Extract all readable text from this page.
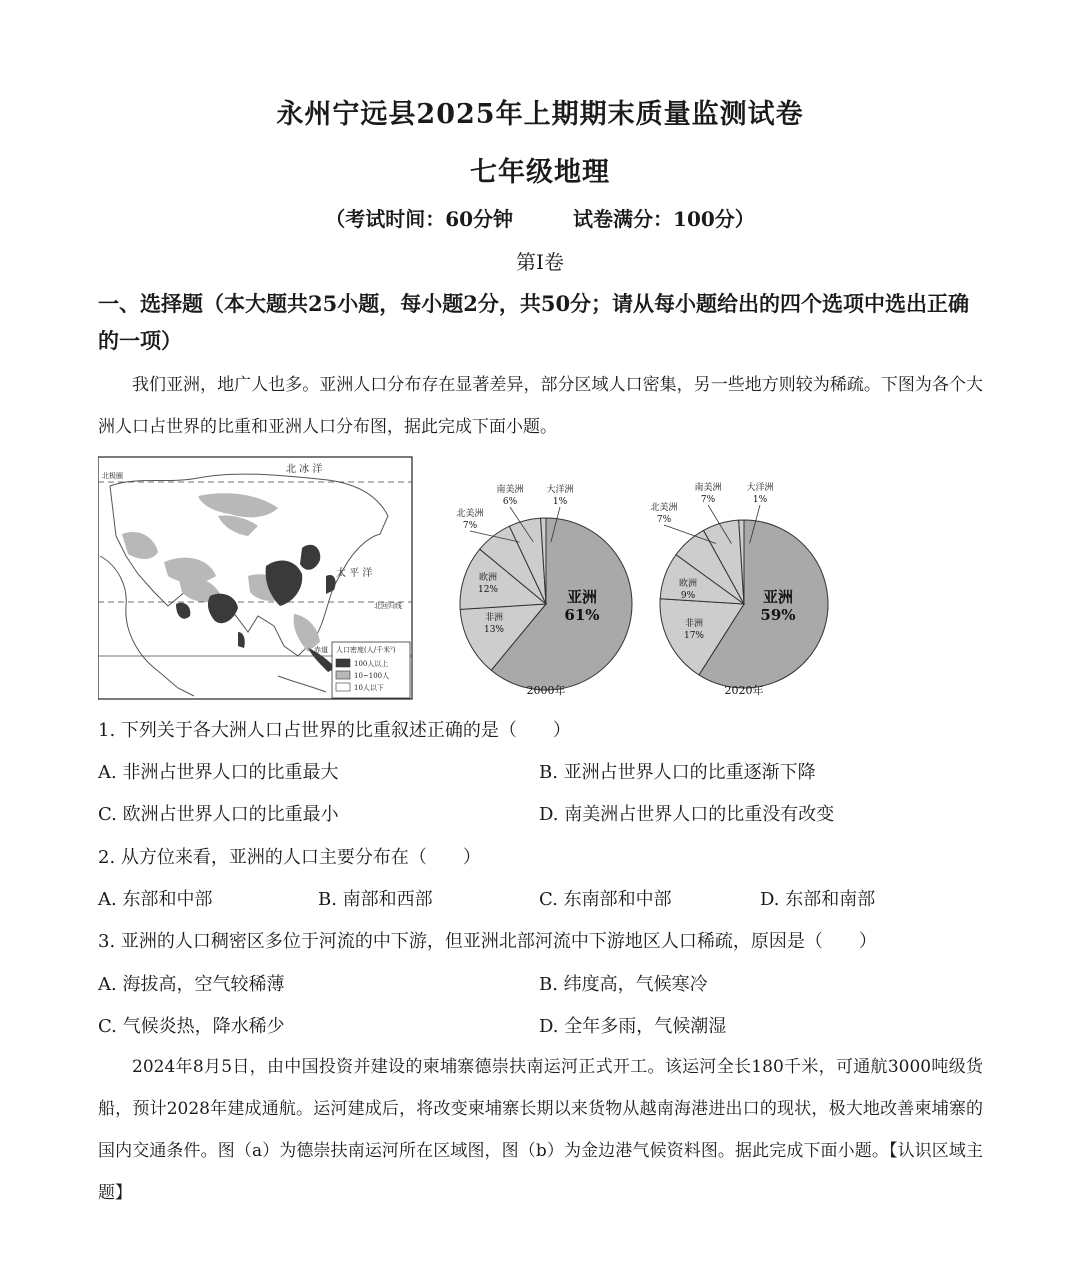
永州宁远县2025年上期期末质量监测试卷
七年级地理
（考试时间：60分钟　　　试卷满分：100分）
第Ⅰ卷
一、选择题（本大题共25小题，每小题2分，共50分；请从每小题给出的四个选项中选出正确的一项）
我们亚洲，地广人也多。亚洲人口分布存在显著差异，部分区域人口密集，另一些地方则较为稀疏。下图为各个大洲人口占世界的比重和亚洲人口分布图，据此完成下面小题。
北 冰 洋
太 平 洋
北回归线
赤道
北极圈
人口密度(人/千米²)
100人以上
10~100人
10人以下
亚洲
61%
非洲
13%
欧洲
12%
北美洲
7%
南美洲
6%
大洋洲
1%
2000年
亚洲
59%
非洲
17%
欧洲
9%
北美洲
7%
南美洲
7%
大洋洲
1%
2020年
1. 下列关于各大洲人口占世界的比重叙述正确的是（　　）
A. 非洲占世界人口的比重最大	B. 亚洲占世界人口的比重逐渐下降
C. 欧洲占世界人口的比重最小	D. 南美洲占世界人口的比重没有改变
2. 从方位来看，亚洲的人口主要分布在（　　）
A. 东部和中部	B. 南部和西部	C. 东南部和中部	D. 东部和南部
3. 亚洲的人口稠密区多位于河流的中下游，但亚洲北部河流中下游地区人口稀疏，原因是（　　）
A. 海拔高，空气较稀薄	B. 纬度高，气候寒冷
C. 气候炎热，降水稀少	D. 全年多雨，气候潮湿
2024年8月5日，由中国投资并建设的柬埔寨德崇扶南运河正式开工。该运河全长180千米，可通航3000吨级货船，预计2028年建成通航。运河建成后，将改变柬埔寨长期以来货物从越南海港进出口的现状，极大地改善柬埔寨的国内交通条件。图（a）为德崇扶南运河所在区域图，图（b）为金边港气候资料图。据此完成下面小题。【认识区域主题】
